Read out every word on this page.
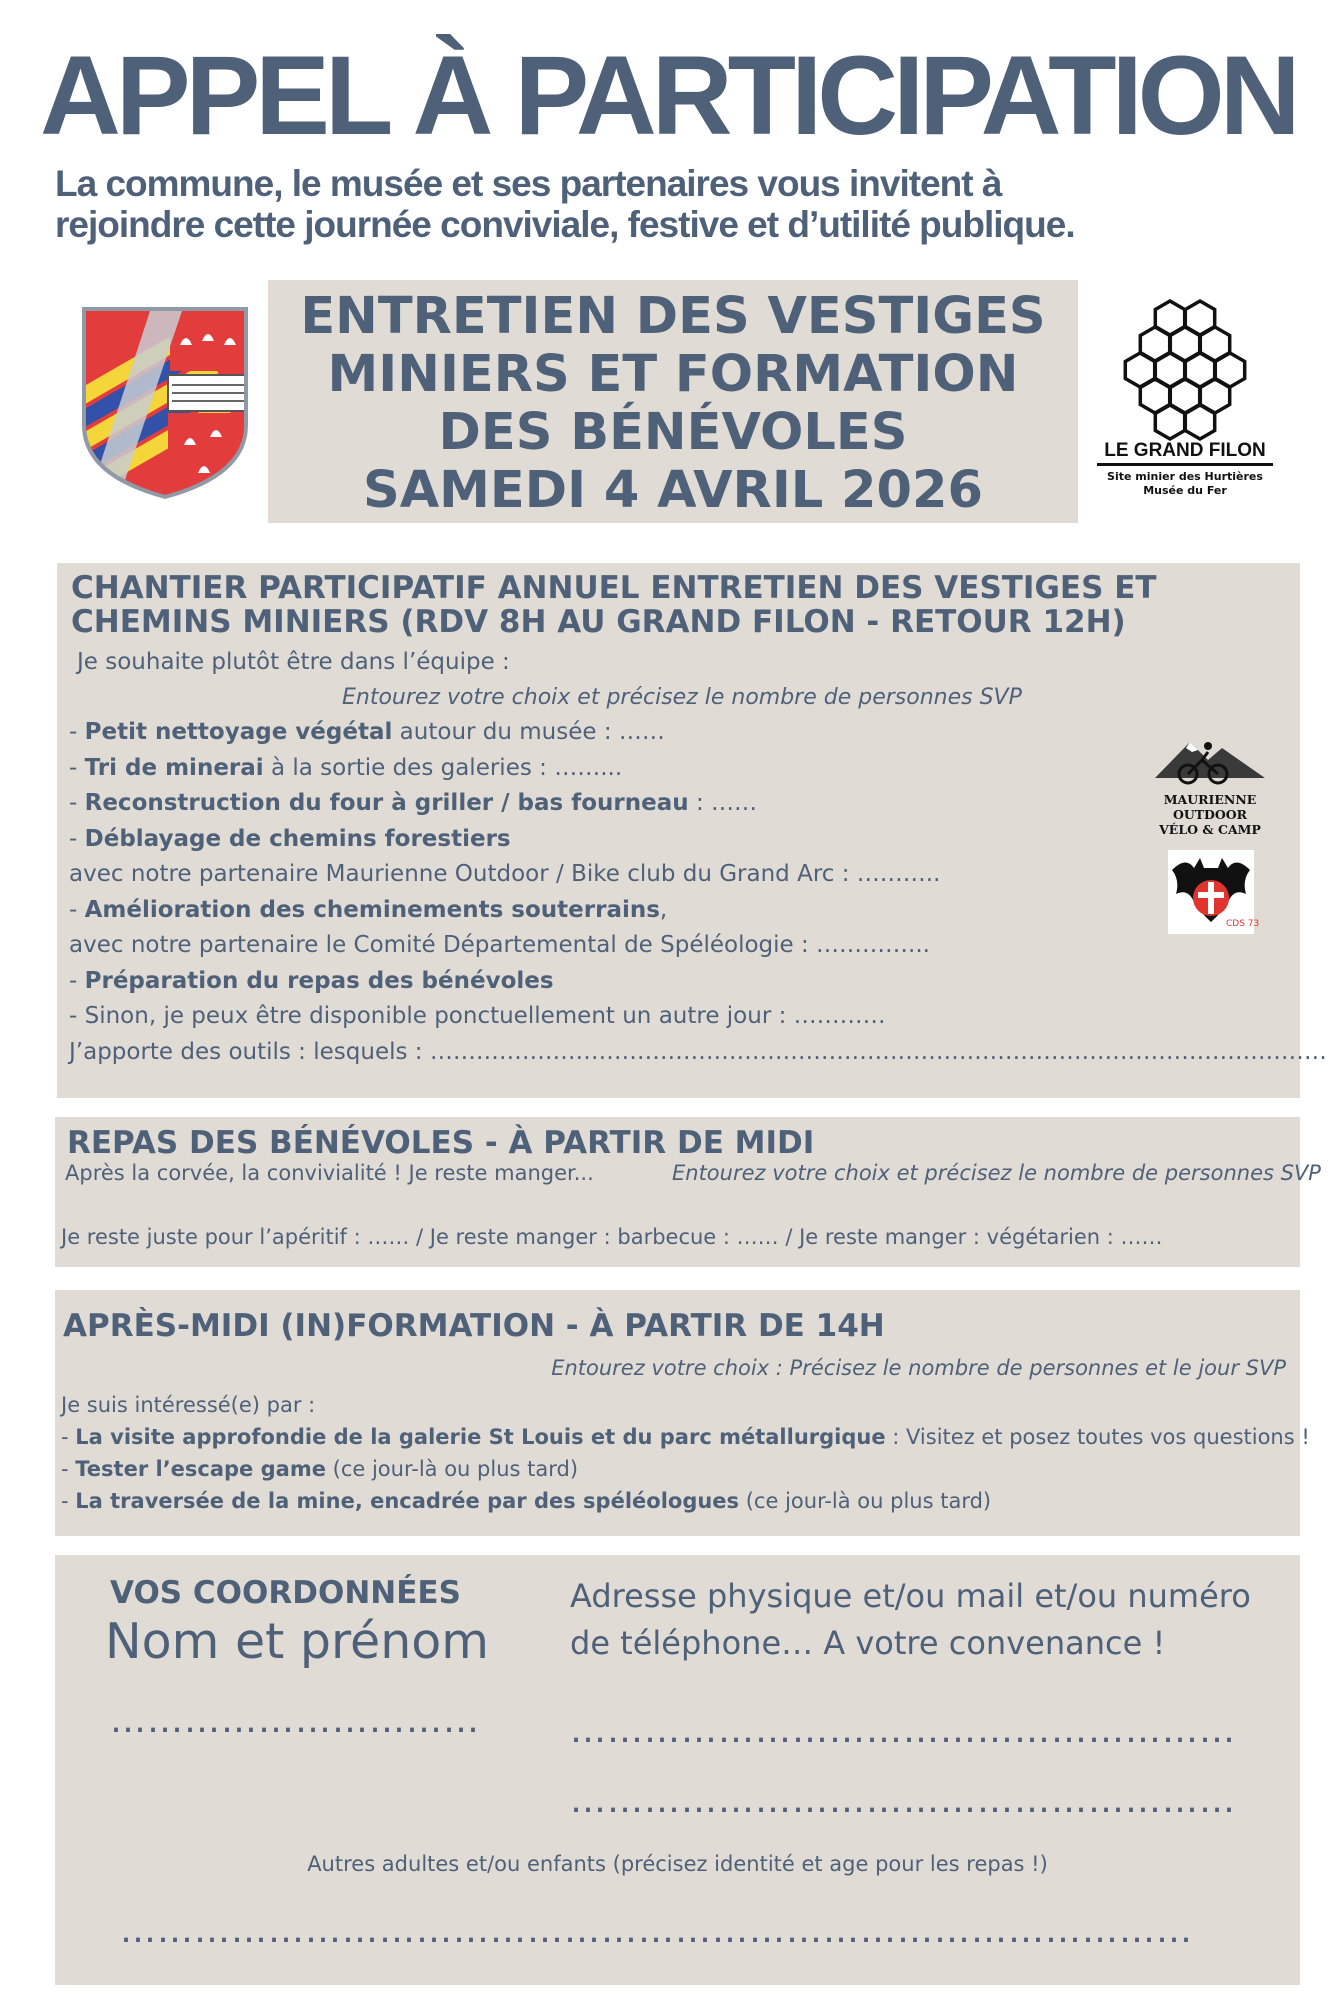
APPEL À PARTICIPATION
La commune, le musée et ses partenaires vous invitent à
rejoindre cette journée conviviale, festive et d’utilité publique.
ENTRETIEN DES VESTIGES
MINIERS ET FORMATION
DES BÉNÉVOLES
SAMEDI 4 AVRIL 2026
LE GRAND FILON
Site minier des Hurtières
Musée du Fer
CHANTIER PARTICIPATIF ANNUEL ENTRETIEN DES VESTIGES ET
CHEMINS MINIERS (RDV 8H AU GRAND FILON - RETOUR 12H)
Je souhaite plutôt être dans l’équipe :
Entourez votre choix et précisez le nombre de personnes SVP
- Petit nettoyage végétal autour du musée : ……
- Tri de minerai à la sortie des galeries : ……...
- Reconstruction du four à griller / bas fourneau : ……
- Déblayage de chemins forestiers
avec notre partenaire Maurienne Outdoor / Bike club du Grand Arc : ………..
- Amélioration des cheminements souterrains,
avec notre partenaire le Comité Départemental de Spéléologie : …………...
- Préparation du repas des bénévoles
- Sinon, je peux être disponible ponctuellement un autre jour : …………
J’apporte des outils : lesquels : ………………………………………………………………………………………………………
MAURIENNE OUTDOOR
VÉLO & CAMP
CDS 73
REPAS DES BÉNÉVOLES - À PARTIR DE MIDI
Après la corvée, la convivialité ! Je reste manger...	Entourez votre choix et précisez le nombre de personnes SVP
Je reste juste pour l’apéritif : …… / Je reste manger : barbecue : …… / Je reste manger : végétarien : ……
APRÈS-MIDI (IN)FORMATION - À PARTIR DE 14H
Entourez votre choix : Précisez le nombre de personnes et le jour SVP
Je suis intéressé(e) par :
- La visite approfondie de la galerie St Louis et du parc métallurgique : Visitez et posez toutes vos questions !
- Tester l’escape game (ce jour-là ou plus tard)
- La traversée de la mine, encadrée par des spéléologues (ce jour-là ou plus tard)
VOS COORDONNÉES
Nom et prénom
…………………………
Adresse physique et/ou mail et/ou numéro
de téléphone… A votre convenance !
………………………………………………
………………………………………………
Autres adultes et/ou enfants (précisez identité et age pour les repas !)
……………………………………………………………………………
